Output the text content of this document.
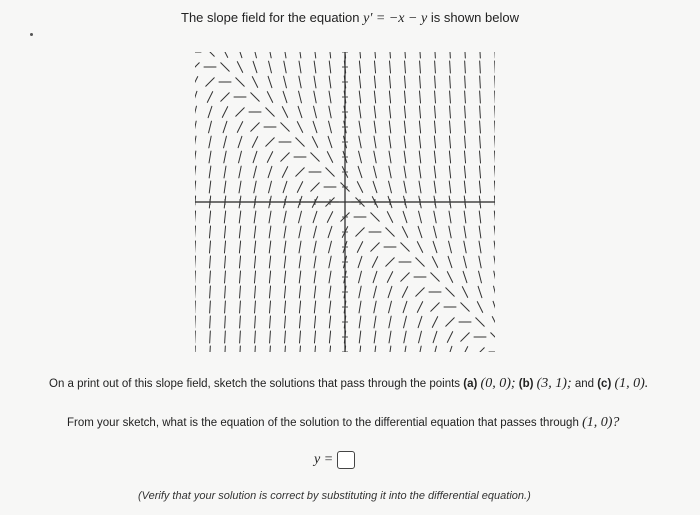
The slope field for the equation y′ = −x − y is shown below
On a print out of this slope field, sketch the solutions that pass through the points (a) (0, 0); (b) (3, 1); and (c) (1, 0).
From your sketch, what is the equation of the solution to the differential equation that passes through (1, 0)?
y =
(Verify that your solution is correct by substituting it into the differential equation.)
